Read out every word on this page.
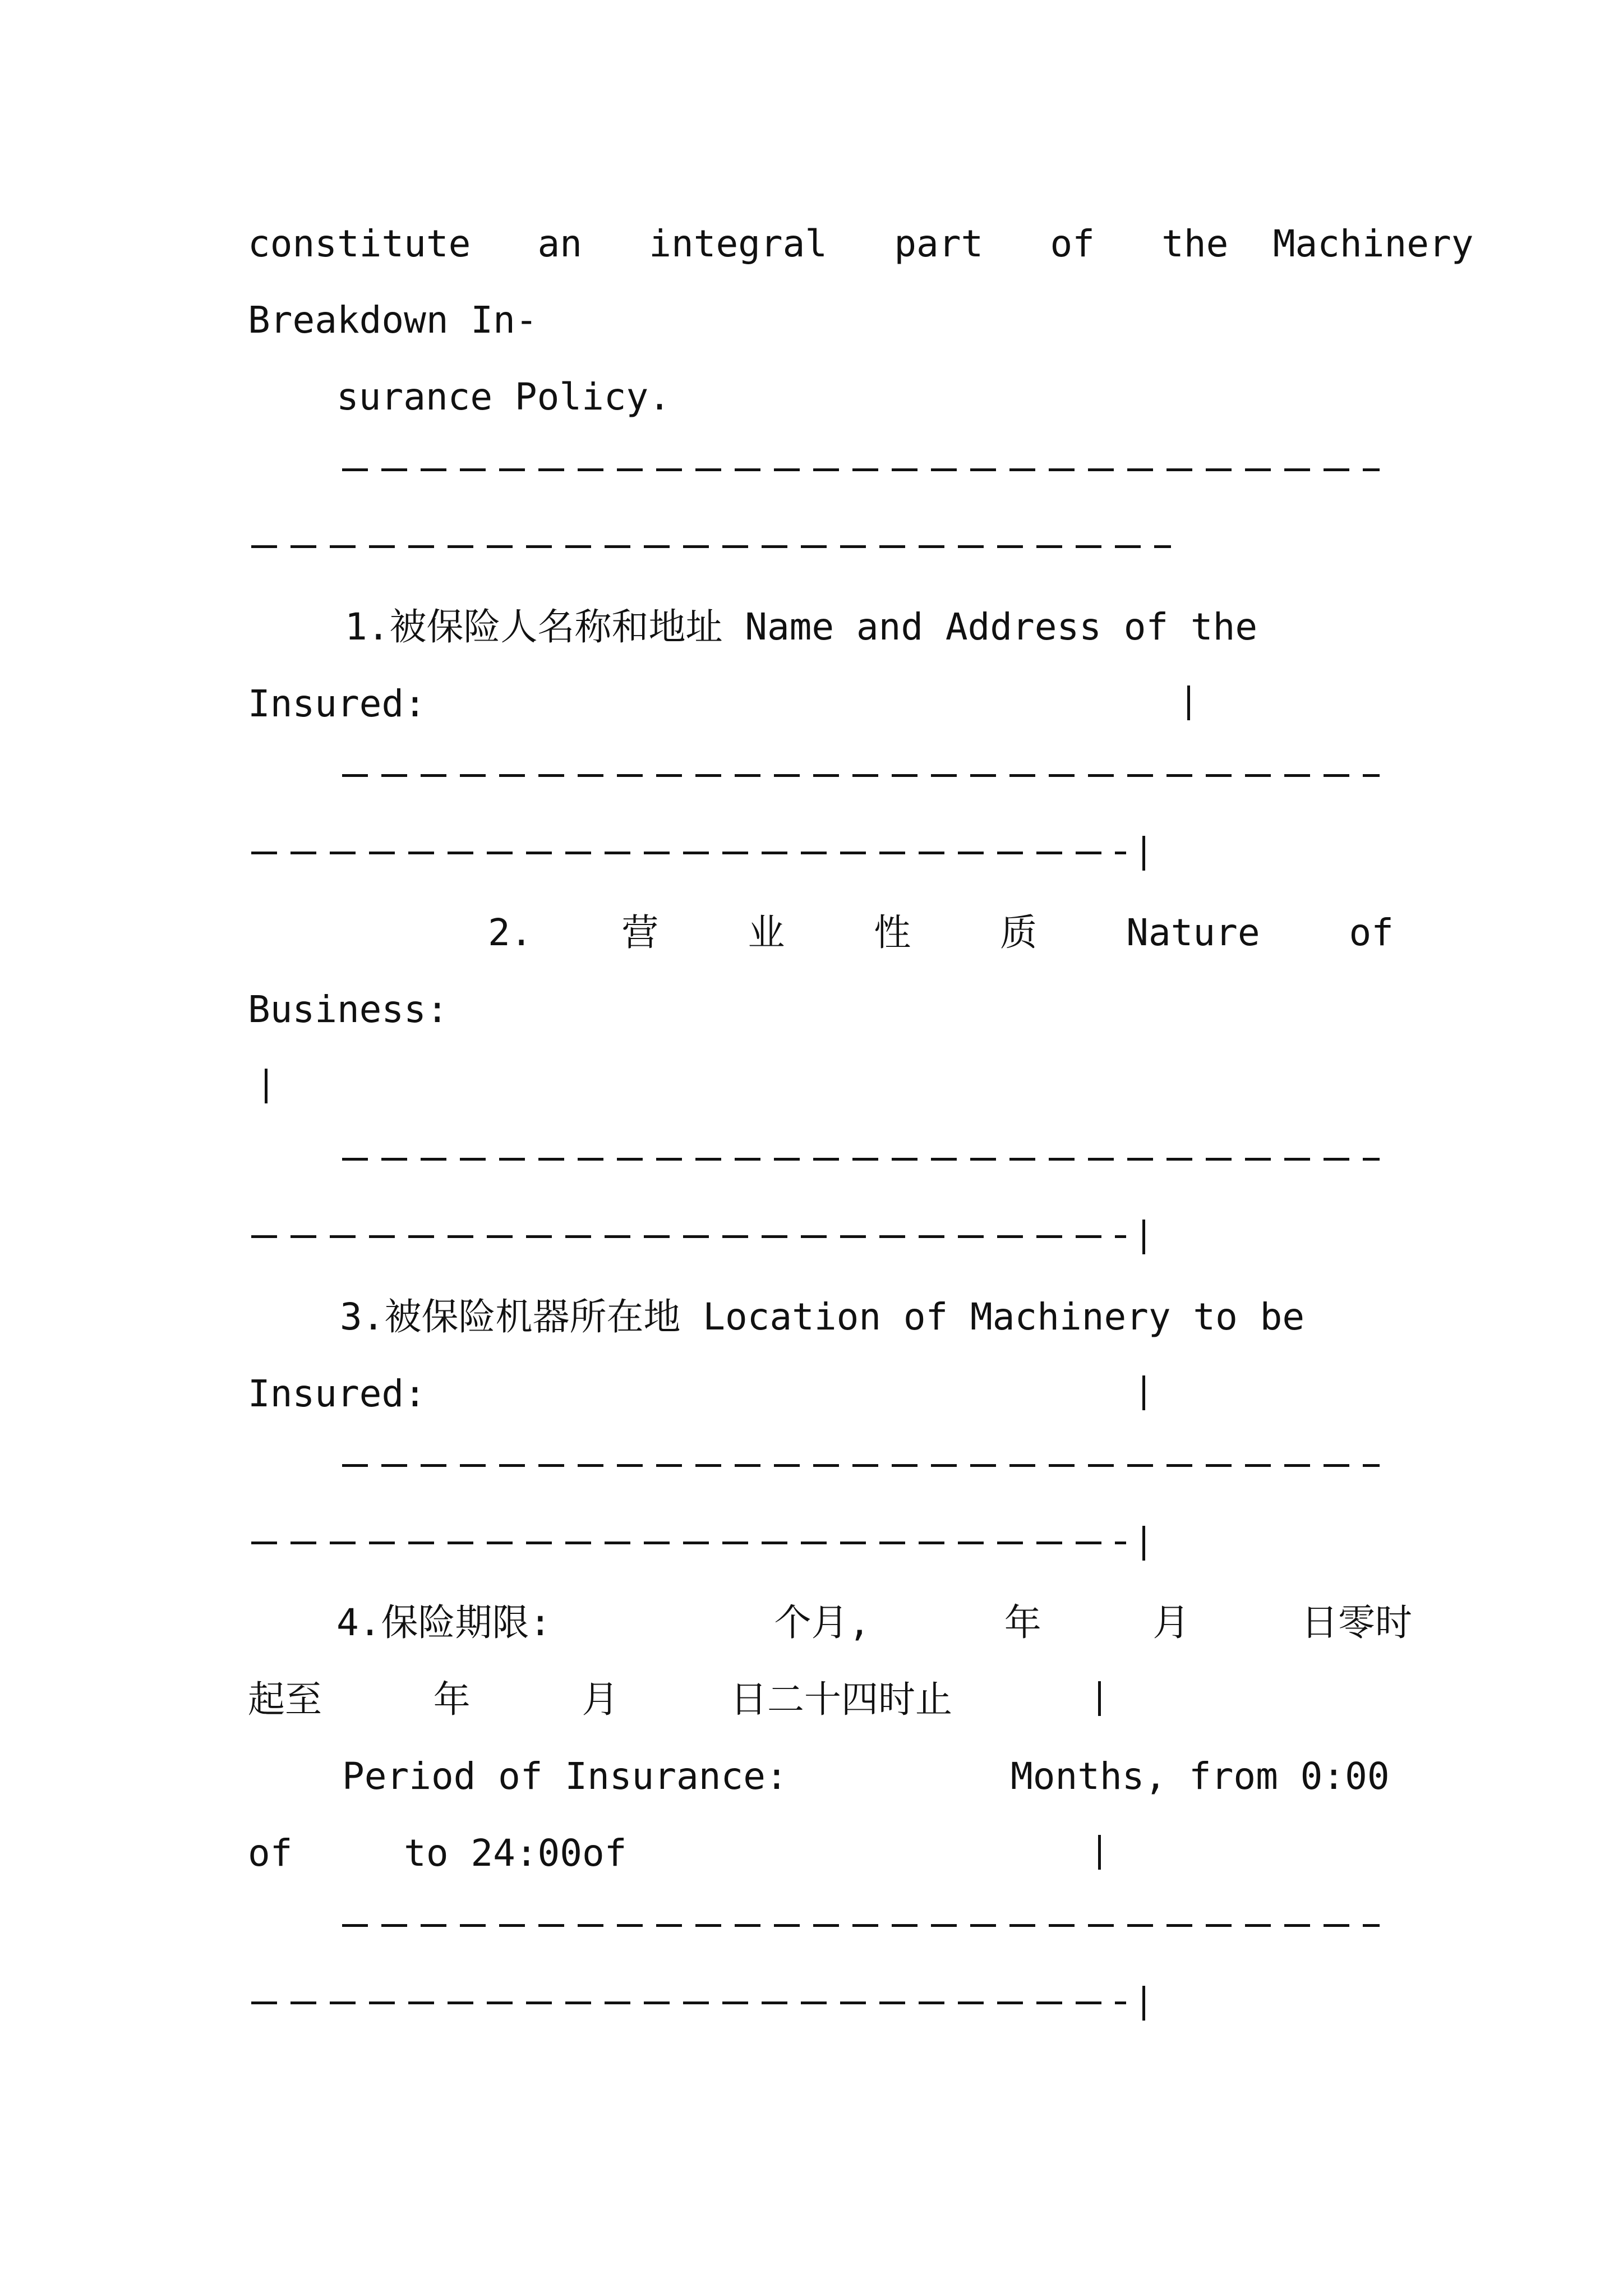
constitute   an   integral   part   of   the  Machinery
Breakdown In-
surance Policy.
1.被保险人名称和地址 Name and Address of the
Insured:
2.    营    业    性    质    Nature    of
Business:
3.被保险机器所在地 Location of Machinery to be
Insured:
4.保险期限:          个月,      年     月     日零时
起至     年     月     日二十四时止
Period of Insurance:          Months, from 0:00
of     to 24:00of
